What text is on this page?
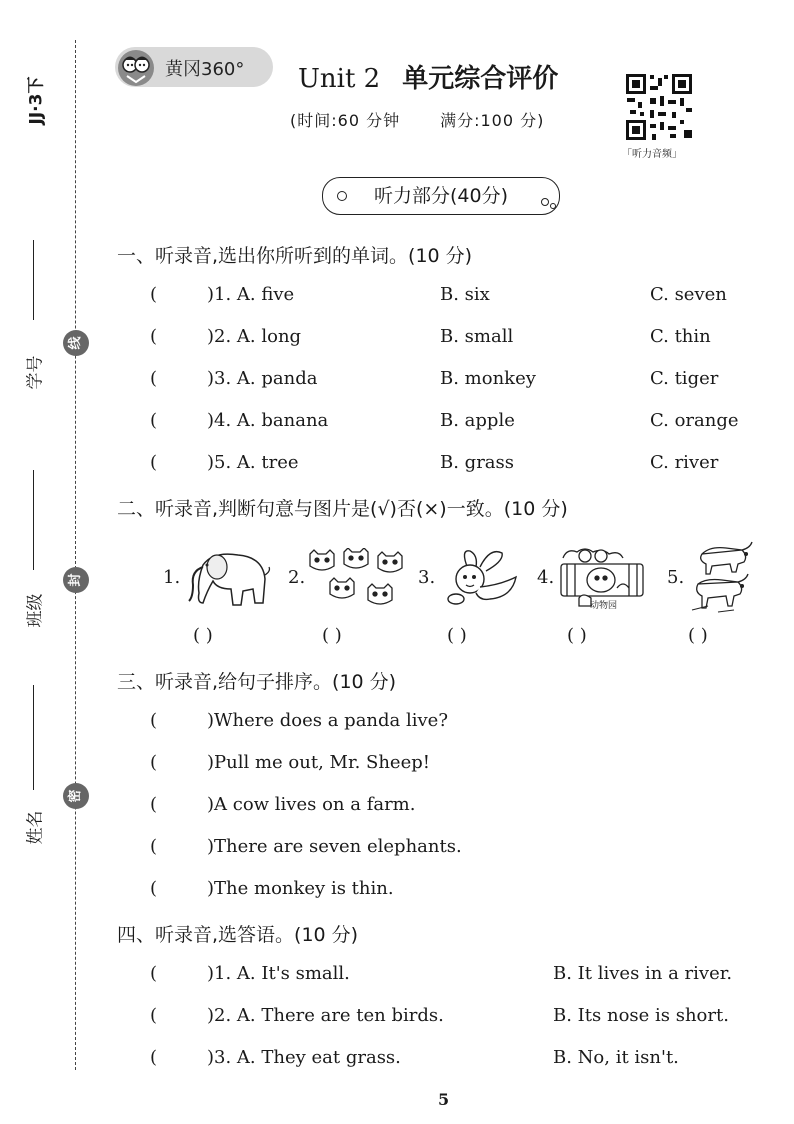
JJ·3下
学号
线
班级
封
姓名
密
黄冈360° Unit 2 单元综合评价
(时间:60 分钟	满分:100 分)
「听力音频」
听力部分(40分)
一、听录音,选出你所听到的单词。(10 分)
(	)1. A. five	B. six	C. seven
(	)2. A. long	B. small	C. thin
(	)3. A. panda	B. monkey	C. tiger
(	)4. A. banana	B. apple	C. orange
(	)5. A. tree	B. grass	C. river
二、听录音,判断句意与图片是(√)否(×)一致。(10 分)
1.	2.	3.	4.
动物园
5.
( )	( )	( )	( )	( )
三、听录音,给句子排序。(10 分)
(	)Where does a panda live?
(	)Pull me out, Mr. Sheep!
(	)A cow lives on a farm.
(	)There are seven elephants.
(	)The monkey is thin.
四、听录音,选答语。(10 分)
(	)1. A. It's small.	B. It lives in a river.
(	)2. A. There are ten birds.	B. Its nose is short.
(	)3. A. They eat grass.	B. No, it isn't.
5
